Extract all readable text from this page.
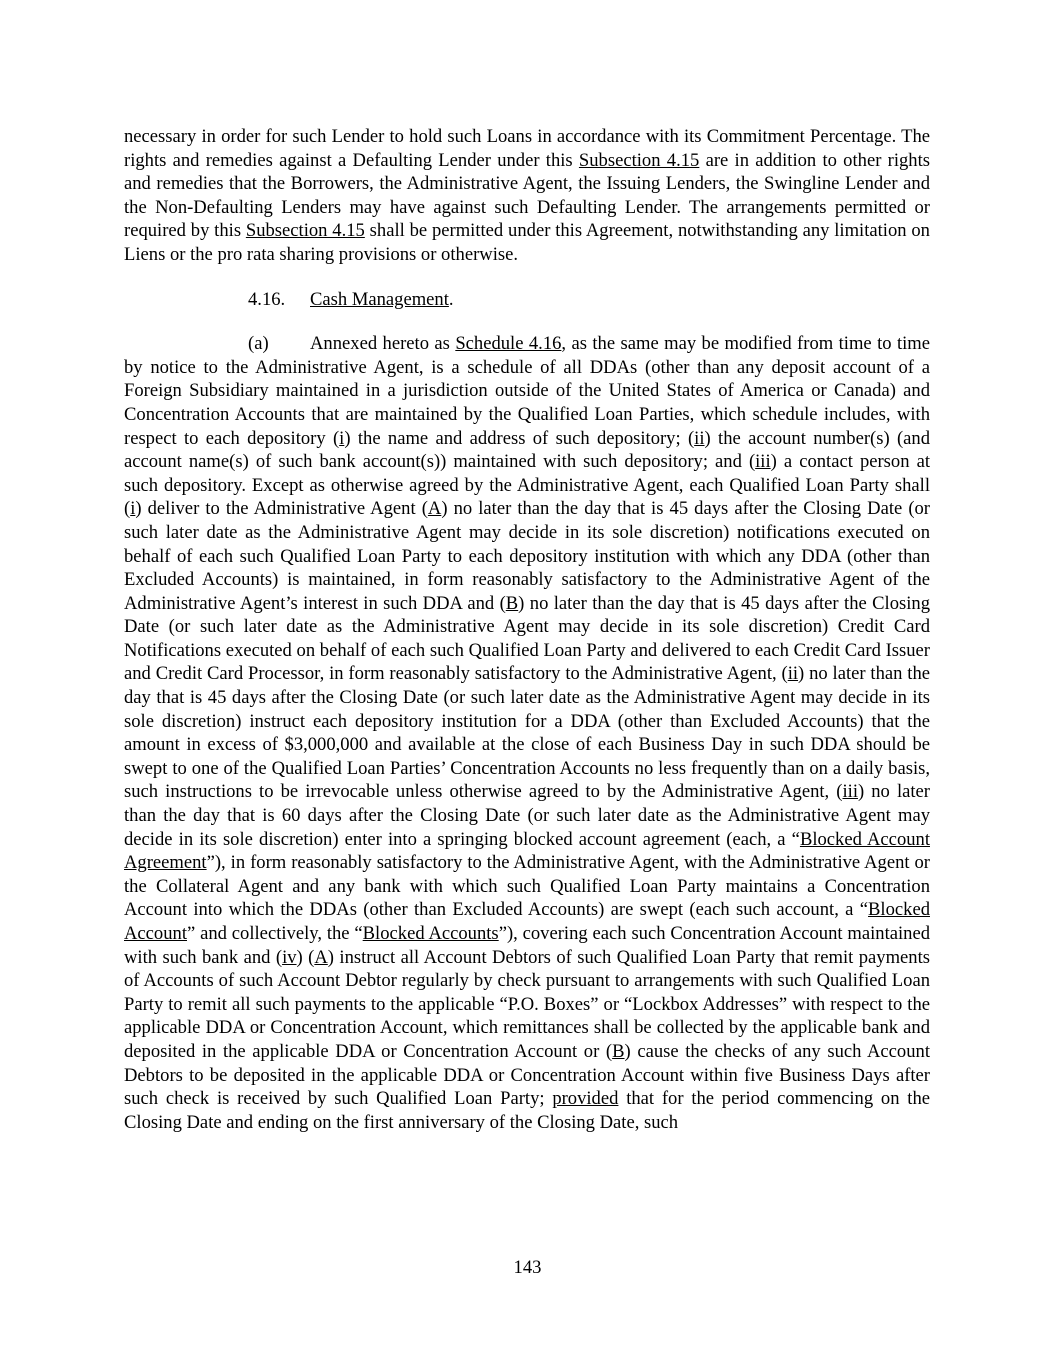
necessary in order for such Lender to hold such Loans in accordance with its Commitment Percentage. The rights and remedies against a Defaulting Lender under this Subsection 4.15 are in addition to other rights and remedies that the Borrowers, the Administrative Agent, the Issuing Lenders, the Swingline Lender and the Non-Defaulting Lenders may have against such Defaulting Lender. The arrangements permitted or required by this Subsection 4.15 shall be permitted under this Agreement, notwithstanding any limitation on Liens or the pro rata sharing provisions or otherwise.

4.16. Cash Management.

(a) Annexed hereto as Schedule 4.16, as the same may be modified from time to time by notice to the Administrative Agent, is a schedule of all DDAs (other than any deposit account of a Foreign Subsidiary maintained in a jurisdiction outside of the United States of America or Canada) and Concentration Accounts that are maintained by the Qualified Loan Parties, which schedule includes, with respect to each depository (i) the name and address of such depository; (ii) the account number(s) (and account name(s) of such bank account(s)) maintained with such depository; and (iii) a contact person at such depository. Except as otherwise agreed by the Administrative Agent, each Qualified Loan Party shall (i) deliver to the Administrative Agent (A) no later than the day that is 45 days after the Closing Date (or such later date as the Administrative Agent may decide in its sole discretion) notifications executed on behalf of each such Qualified Loan Party to each depository institution with which any DDA (other than Excluded Accounts) is maintained, in form reasonably satisfactory to the Administrative Agent of the Administrative Agent’s interest in such DDA and (B) no later than the day that is 45 days after the Closing Date (or such later date as the Administrative Agent may decide in its sole discretion) Credit Card Notifications executed on behalf of each such Qualified Loan Party and delivered to each Credit Card Issuer and Credit Card Processor, in form reasonably satisfactory to the Administrative Agent, (ii) no later than the day that is 45 days after the Closing Date (or such later date as the Administrative Agent may decide in its sole discretion) instruct each depository institution for a DDA (other than Excluded Accounts) that the amount in excess of $3,000,000 and available at the close of each Business Day in such DDA should be swept to one of the Qualified Loan Parties’ Concentration Accounts no less frequently than on a daily basis, such instructions to be irrevocable unless otherwise agreed to by the Administrative Agent, (iii) no later than the day that is 60 days after the Closing Date (or such later date as the Administrative Agent may decide in its sole discretion) enter into a springing blocked account agreement (each, a “Blocked Account Agreement”), in form reasonably satisfactory to the Administrative Agent, with the Administrative Agent or the Collateral Agent and any bank with which such Qualified Loan Party maintains a Concentration Account into which the DDAs (other than Excluded Accounts) are swept (each such account, a “Blocked Account” and collectively, the “Blocked Accounts”), covering each such Concentration Account maintained with such bank and (iv) (A) instruct all Account Debtors of such Qualified Loan Party that remit payments of Accounts of such Account Debtor regularly by check pursuant to arrangements with such Qualified Loan Party to remit all such payments to the applicable “P.O. Boxes” or “Lockbox Addresses” with respect to the applicable DDA or Concentration Account, which remittances shall be collected by the applicable bank and deposited in the applicable DDA or Concentration Account or (B) cause the checks of any such Account Debtors to be deposited in the applicable DDA or Concentration Account within five Business Days after such check is received by such Qualified Loan Party; provided that for the period commencing on the Closing Date and ending on the first anniversary of the Closing Date, such

143
